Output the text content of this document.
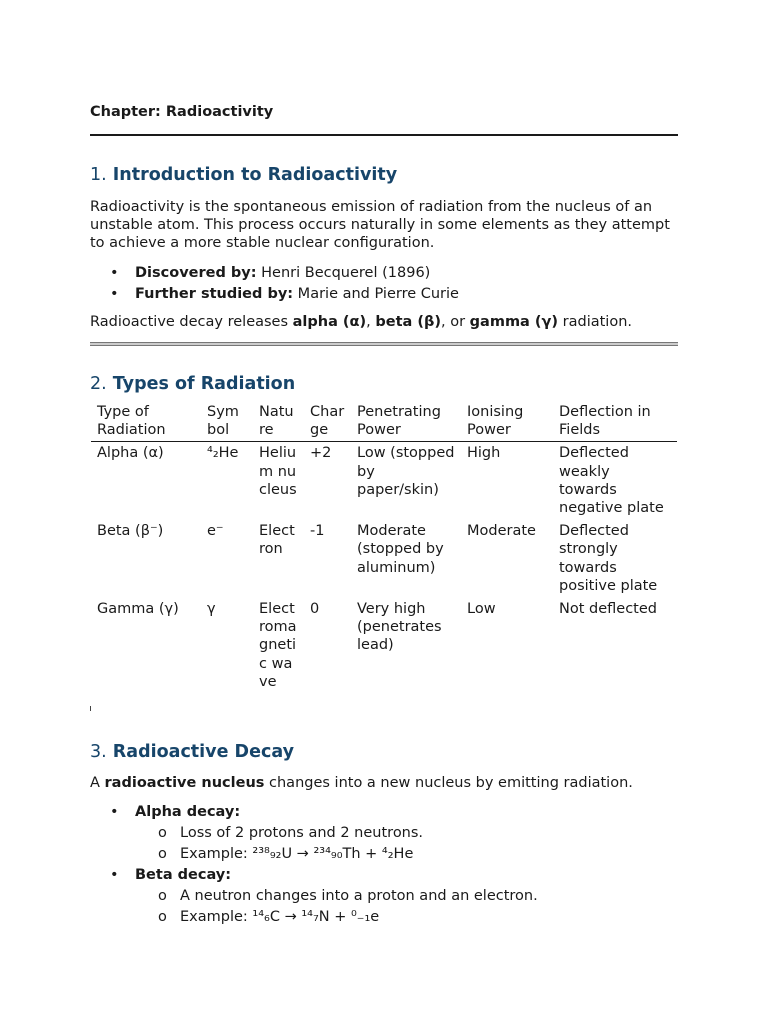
Chapter: Radioactivity
1. Introduction to Radioactivity
Radioactivity is the spontaneous emission of radiation from the nucleus of an unstable atom. This process occurs naturally in some elements as they attempt to achieve a more stable nuclear configuration.
• Discovered by: Henri Becquerel (1896)
• Further studied by: Marie and Pierre Curie
Radioactive decay releases alpha (α), beta (β), or gamma (γ) radiation.
2. Types of Radiation
Type of Radiation	Symbol	Nature	Charge	Penetrating Power	Ionising Power	Deflection in Fields
Alpha (α)	⁴₂He	Helium nucleus	+2	Low (stopped by paper/skin)	High	Deflected weakly towards negative plate
Beta (β⁻)	e⁻	Electron	-1	Moderate (stopped by aluminum)	Moderate	Deflected strongly towards positive plate
Gamma (γ)	γ	Electromagnetic wave	0	Very high (penetrates lead)	Low	Not deflected
3. Radioactive Decay
A radioactive nucleus changes into a new nucleus by emitting radiation.
• Alpha decay:
o Loss of 2 protons and 2 neutrons.
o Example: ²³⁸₉₂U → ²³⁴₉₀Th + ⁴₂He
• Beta decay:
o A neutron changes into a proton and an electron.
o Example: ¹⁴₆C → ¹⁴₇N + ⁰₋₁e
